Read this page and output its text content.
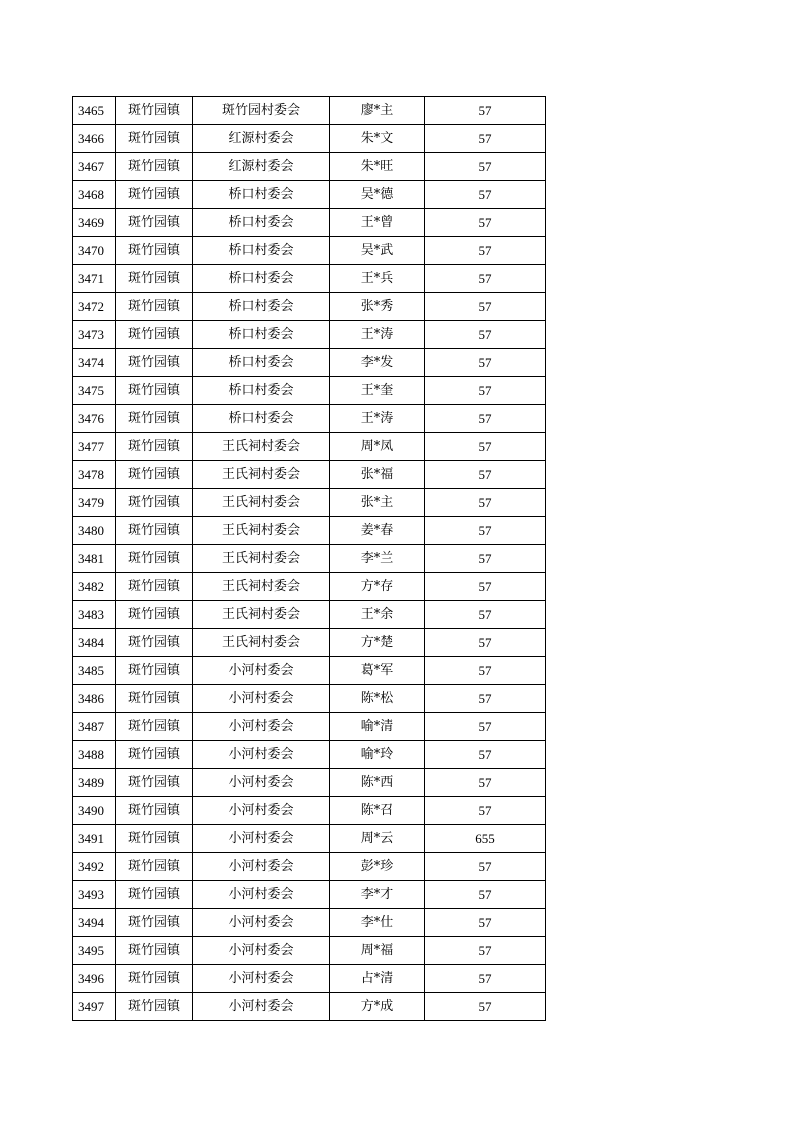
3465	斑竹园镇	斑竹园村委会	廖*主	57
3466	斑竹园镇	红源村委会	朱*文	57
3467	斑竹园镇	红源村委会	朱*旺	57
3468	斑竹园镇	桥口村委会	吴*德	57
3469	斑竹园镇	桥口村委会	王*曾	57
3470	斑竹园镇	桥口村委会	吴*武	57
3471	斑竹园镇	桥口村委会	王*兵	57
3472	斑竹园镇	桥口村委会	张*秀	57
3473	斑竹园镇	桥口村委会	王*涛	57
3474	斑竹园镇	桥口村委会	李*发	57
3475	斑竹园镇	桥口村委会	王*奎	57
3476	斑竹园镇	桥口村委会	王*涛	57
3477	斑竹园镇	王氏祠村委会	周*凤	57
3478	斑竹园镇	王氏祠村委会	张*福	57
3479	斑竹园镇	王氏祠村委会	张*主	57
3480	斑竹园镇	王氏祠村委会	姜*春	57
3481	斑竹园镇	王氏祠村委会	李*兰	57
3482	斑竹园镇	王氏祠村委会	方*存	57
3483	斑竹园镇	王氏祠村委会	王*余	57
3484	斑竹园镇	王氏祠村委会	方*楚	57
3485	斑竹园镇	小河村委会	葛*军	57
3486	斑竹园镇	小河村委会	陈*松	57
3487	斑竹园镇	小河村委会	喻*清	57
3488	斑竹园镇	小河村委会	喻*玲	57
3489	斑竹园镇	小河村委会	陈*西	57
3490	斑竹园镇	小河村委会	陈*召	57
3491	斑竹园镇	小河村委会	周*云	655
3492	斑竹园镇	小河村委会	彭*珍	57
3493	斑竹园镇	小河村委会	李*才	57
3494	斑竹园镇	小河村委会	李*仕	57
3495	斑竹园镇	小河村委会	周*福	57
3496	斑竹园镇	小河村委会	占*清	57
3497	斑竹园镇	小河村委会	方*成	57
